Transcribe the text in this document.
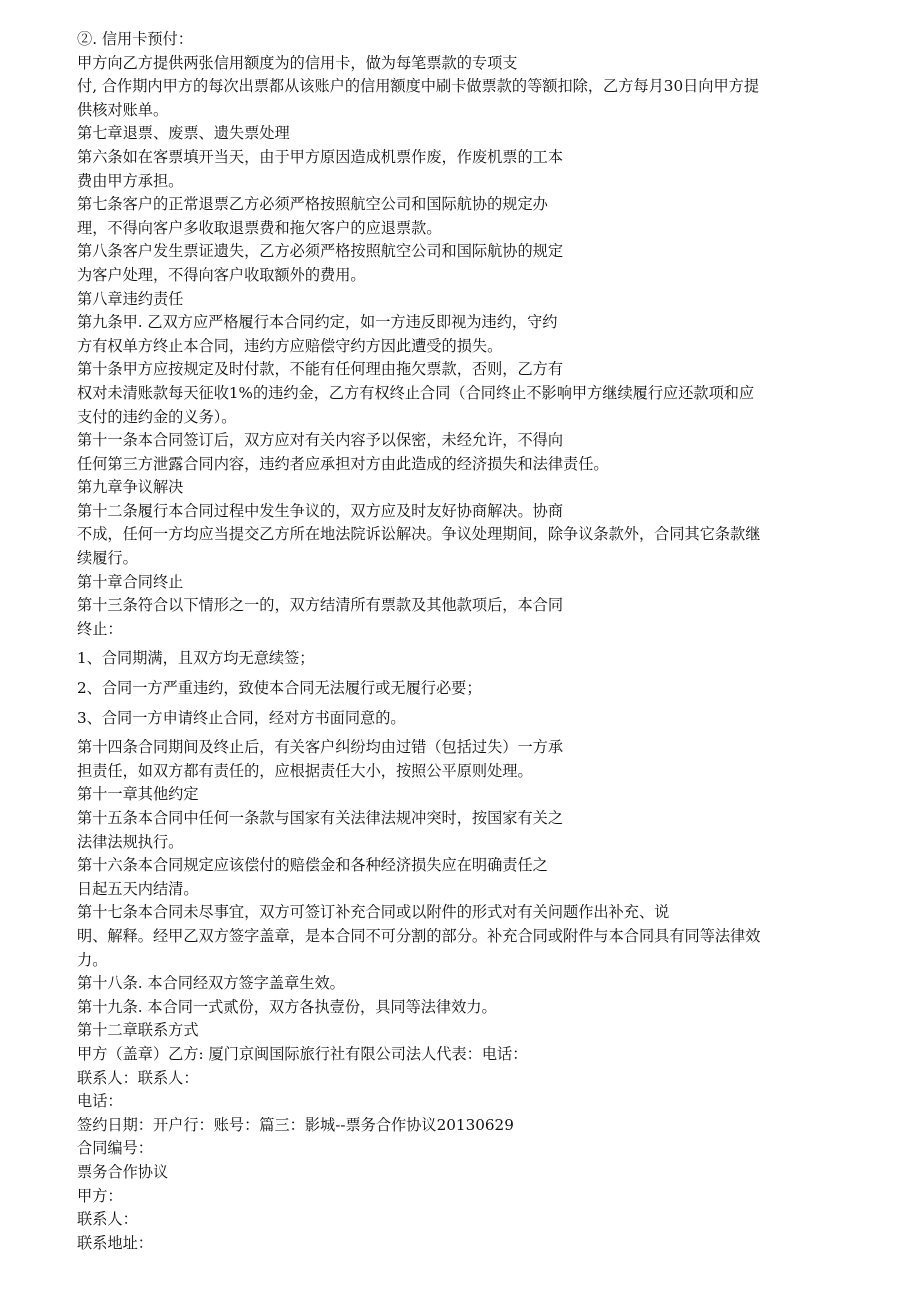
②. 信用卡预付：
甲方向乙方提供两张信用额度为的信用卡，做为每笔票款的专项支
付, 合作期内甲方的每次出票都从该账户的信用额度中刷卡做票款的等额扣除，乙方每月30日向甲方提
供核对账单。
第七章退票、废票、遗失票处理
第六条如在客票填开当天，由于甲方原因造成机票作废，作废机票的工本
费由甲方承担。
第七条客户的正常退票乙方必须严格按照航空公司和国际航协的规定办
理，不得向客户多收取退票费和拖欠客户的应退票款。
第八条客户发生票证遗失，乙方必须严格按照航空公司和国际航协的规定
为客户处理，不得向客户收取额外的费用。
第八章违约责任
第九条甲. 乙双方应严格履行本合同约定，如一方违反即视为违约，守约
方有权单方终止本合同，违约方应赔偿守约方因此遭受的损失。
第十条甲方应按规定及时付款，不能有任何理由拖欠票款，否则，乙方有
权对未清账款每天征收1%的违约金，乙方有权终止合同（合同终止不影响甲方继续履行应还款项和应
支付的违约金的义务）。
第十一条本合同签订后，双方应对有关内容予以保密，未经允许，不得向
任何第三方泄露合同内容，违约者应承担对方由此造成的经济损失和法律责任。
第九章争议解决
第十二条履行本合同过程中发生争议的，双方应及时友好协商解决。协商
不成，任何一方均应当提交乙方所在地法院诉讼解决。争议处理期间，除争议条款外，合同其它条款继
续履行。
第十章合同终止
第十三条符合以下情形之一的，双方结清所有票款及其他款项后，本合同
终止：
1、合同期满，且双方均无意续签；
2、合同一方严重违约，致使本合同无法履行或无履行必要；
3、合同一方申请终止合同，经对方书面同意的。
第十四条合同期间及终止后，有关客户纠纷均由过错（包括过失）一方承
担责任，如双方都有责任的，应根据责任大小，按照公平原则处理。
第十一章其他约定
第十五条本合同中任何一条款与国家有关法律法规冲突时，按国家有关之
法律法规执行。
第十六条本合同规定应该偿付的赔偿金和各种经济损失应在明确责任之
日起五天内结清。
第十七条本合同未尽事宜，双方可签订补充合同或以附件的形式对有关问题作出补充、说
明、解释。经甲乙双方签字盖章，是本合同不可分割的部分。补充合同或附件与本合同具有同等法律效
力。
第十八条. 本合同经双方签字盖章生效。
第十九条. 本合同一式贰份，双方各执壹份，具同等法律效力。
第十二章联系方式
甲方（盖章）乙方: 厦门京闽国际旅行社有限公司法人代表：电话：
联系人：联系人：
电话：
签约日期：开户行：账号：篇三：影城--票务合作协议20130629
合同编号：
票务合作协议
甲方：
联系人：
联系地址：
